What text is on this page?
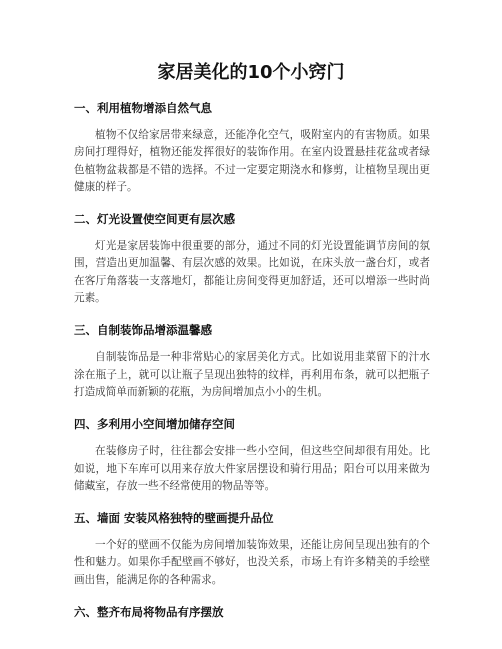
家居美化的10个小窍门
一、利用植物增添自然气息

植物不仅给家居带来绿意，还能净化空气，吸附室内的有害物质。如果房间打理得好，植物还能发挥很好的装饰作用。在室内设置悬挂花盆或者绿色植物盆栽都是不错的选择。不过一定要定期浇水和修剪，让植物呈现出更健康的样子。

二、灯光设置使空间更有层次感

灯光是家居装饰中很重要的部分，通过不同的灯光设置能调节房间的氛围，营造出更加温馨、有层次感的效果。比如说，在床头放一盏台灯，或者在客厅角落装一支落地灯，都能让房间变得更加舒适，还可以增添一些时尚元素。

三、自制装饰品增添温馨感

自制装饰品是一种非常贴心的家居美化方式。比如说用韭菜留下的汁水涂在瓶子上，就可以让瓶子呈现出独特的纹样，再利用布条，就可以把瓶子打造成简单而新颖的花瓶，为房间增加点小小的生机。

四、多利用小空间增加储存空间

在装修房子时，往往都会安排一些小空间，但这些空间却很有用处。比如说，地下车库可以用来存放大件家居摆设和骑行用品；阳台可以用来做为储藏室，存放一些不经常使用的物品等等。

五、墙面 安装风格独特的壁画提升品位

一个好的壁画不仅能为房间增加装饰效果，还能让房间呈现出独有的个性和魅力。如果你手配壁画不够好，也没关系，市场上有许多精美的手绘壁画出售，能满足你的各种需求。

六、整齐布局将物品有序摆放
